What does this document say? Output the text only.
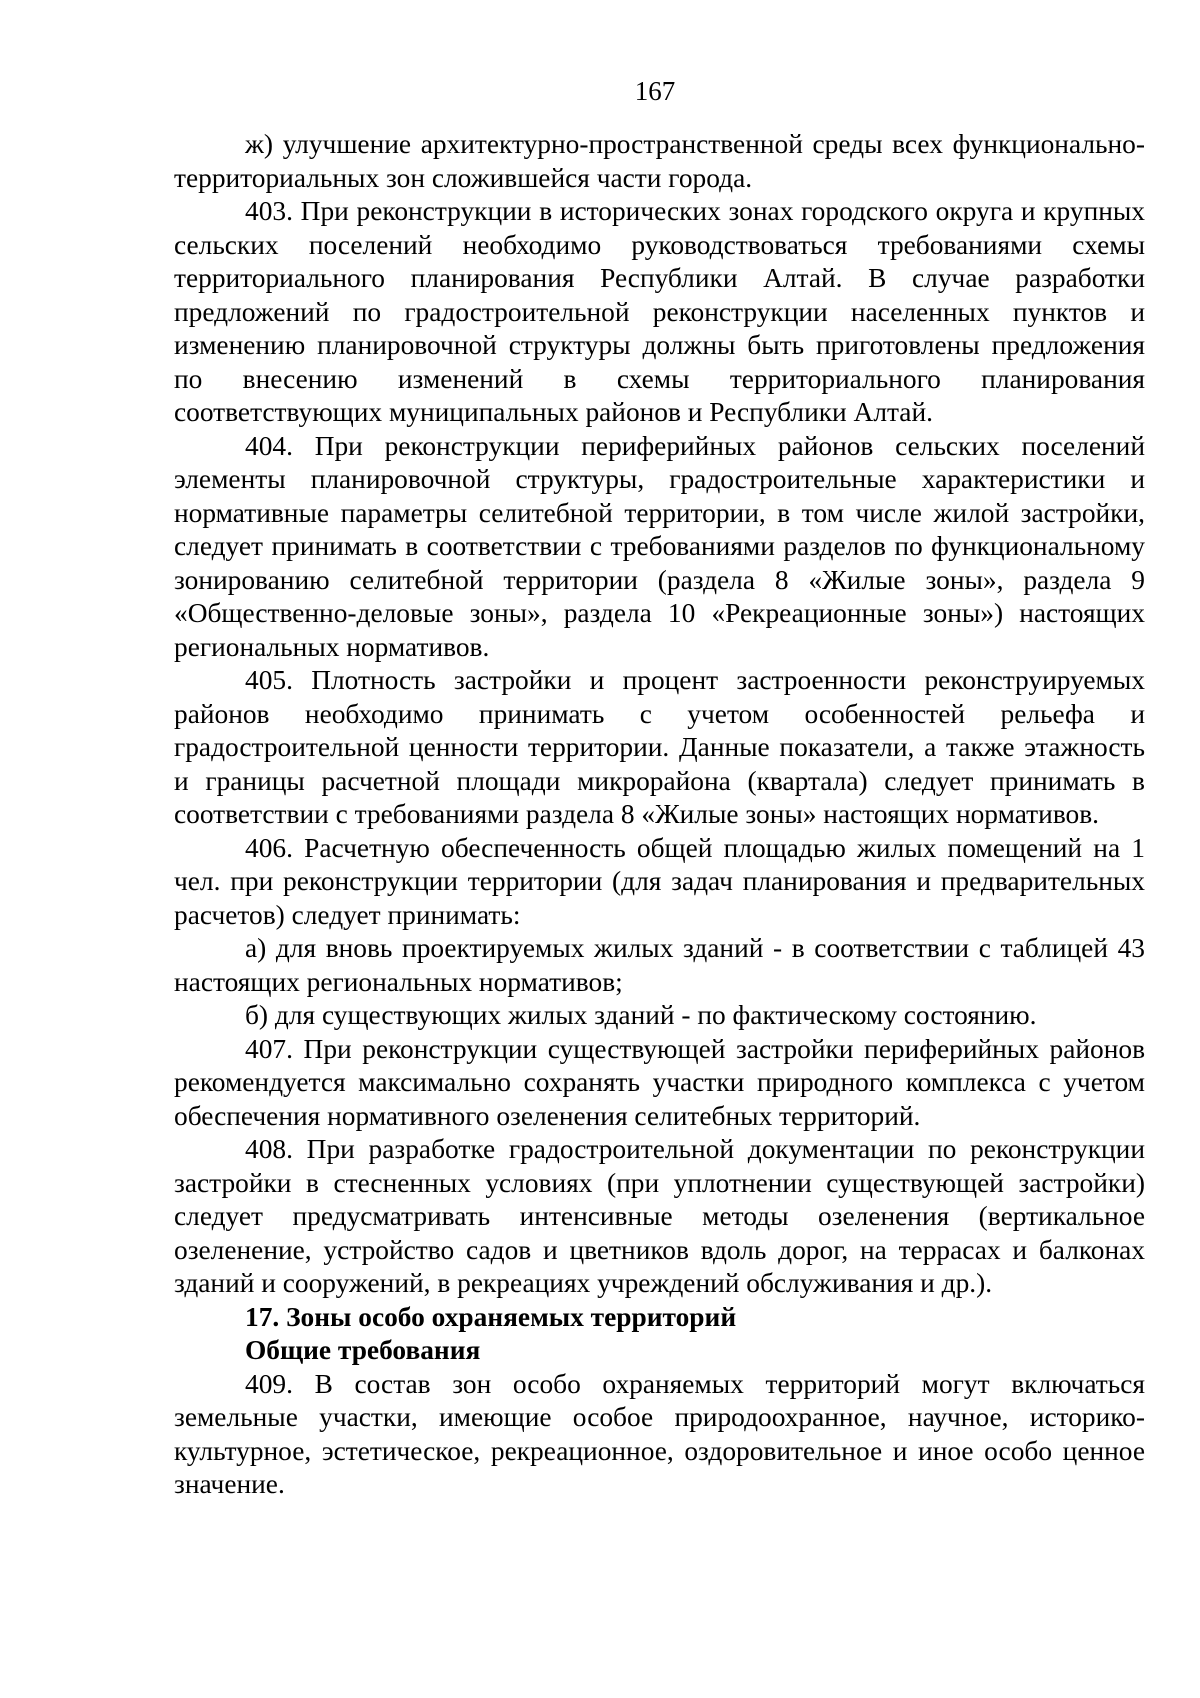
167

ж) улучшение архитектурно-пространственной среды всех функционально-территориальных зон сложившейся части города.

403. При реконструкции в исторических зонах городского округа и крупных сельских поселений необходимо руководствоваться требованиями схемы территориального планирования Республики Алтай. В случае разработки предложений по градостроительной реконструкции населенных пунктов и изменению планировочной структуры должны быть приготовлены предложения по внесению изменений в схемы территориального планирования соответствующих муниципальных районов и Республики Алтай.

404. При реконструкции периферийных районов сельских поселений элементы планировочной структуры, градостроительные характеристики и нормативные параметры селитебной территории, в том числе жилой застройки, следует принимать в соответствии с требованиями разделов по функциональному зонированию селитебной территории (раздела 8 «Жилые зоны», раздела 9 «Общественно-деловые зоны», раздела 10 «Рекреационные зоны») настоящих региональных нормативов.

405. Плотность застройки и процент застроенности реконструируемых районов необходимо принимать с учетом особенностей рельефа и градостроительной ценности территории. Данные показатели, а также этажность и границы расчетной площади микрорайона (квартала) следует принимать в соответствии с требованиями раздела 8 «Жилые зоны» настоящих нормативов.

406. Расчетную обеспеченность общей площадью жилых помещений на 1 чел. при реконструкции территории (для задач планирования и предварительных расчетов) следует принимать:

а) для вновь проектируемых жилых зданий - в соответствии с таблицей 43 настоящих региональных нормативов;

б) для существующих жилых зданий - по фактическому состоянию.

407. При реконструкции существующей застройки периферийных районов рекомендуется максимально сохранять участки природного комплекса с учетом обеспечения нормативного озеленения селитебных территорий.

408. При разработке градостроительной документации по реконструкции застройки в стесненных условиях (при уплотнении существующей застройки) следует предусматривать интенсивные методы озеленения (вертикальное озеленение, устройство садов и цветников вдоль дорог, на террасах и балконах зданий и сооружений, в рекреациях учреждений обслуживания и др.).

17. Зоны особо охраняемых территорий

Общие требования

409. В состав зон особо охраняемых территорий могут включаться земельные участки, имеющие особое природоохранное, научное, историко-культурное, эстетическое, рекреационное, оздоровительное и иное особо ценное значение.
